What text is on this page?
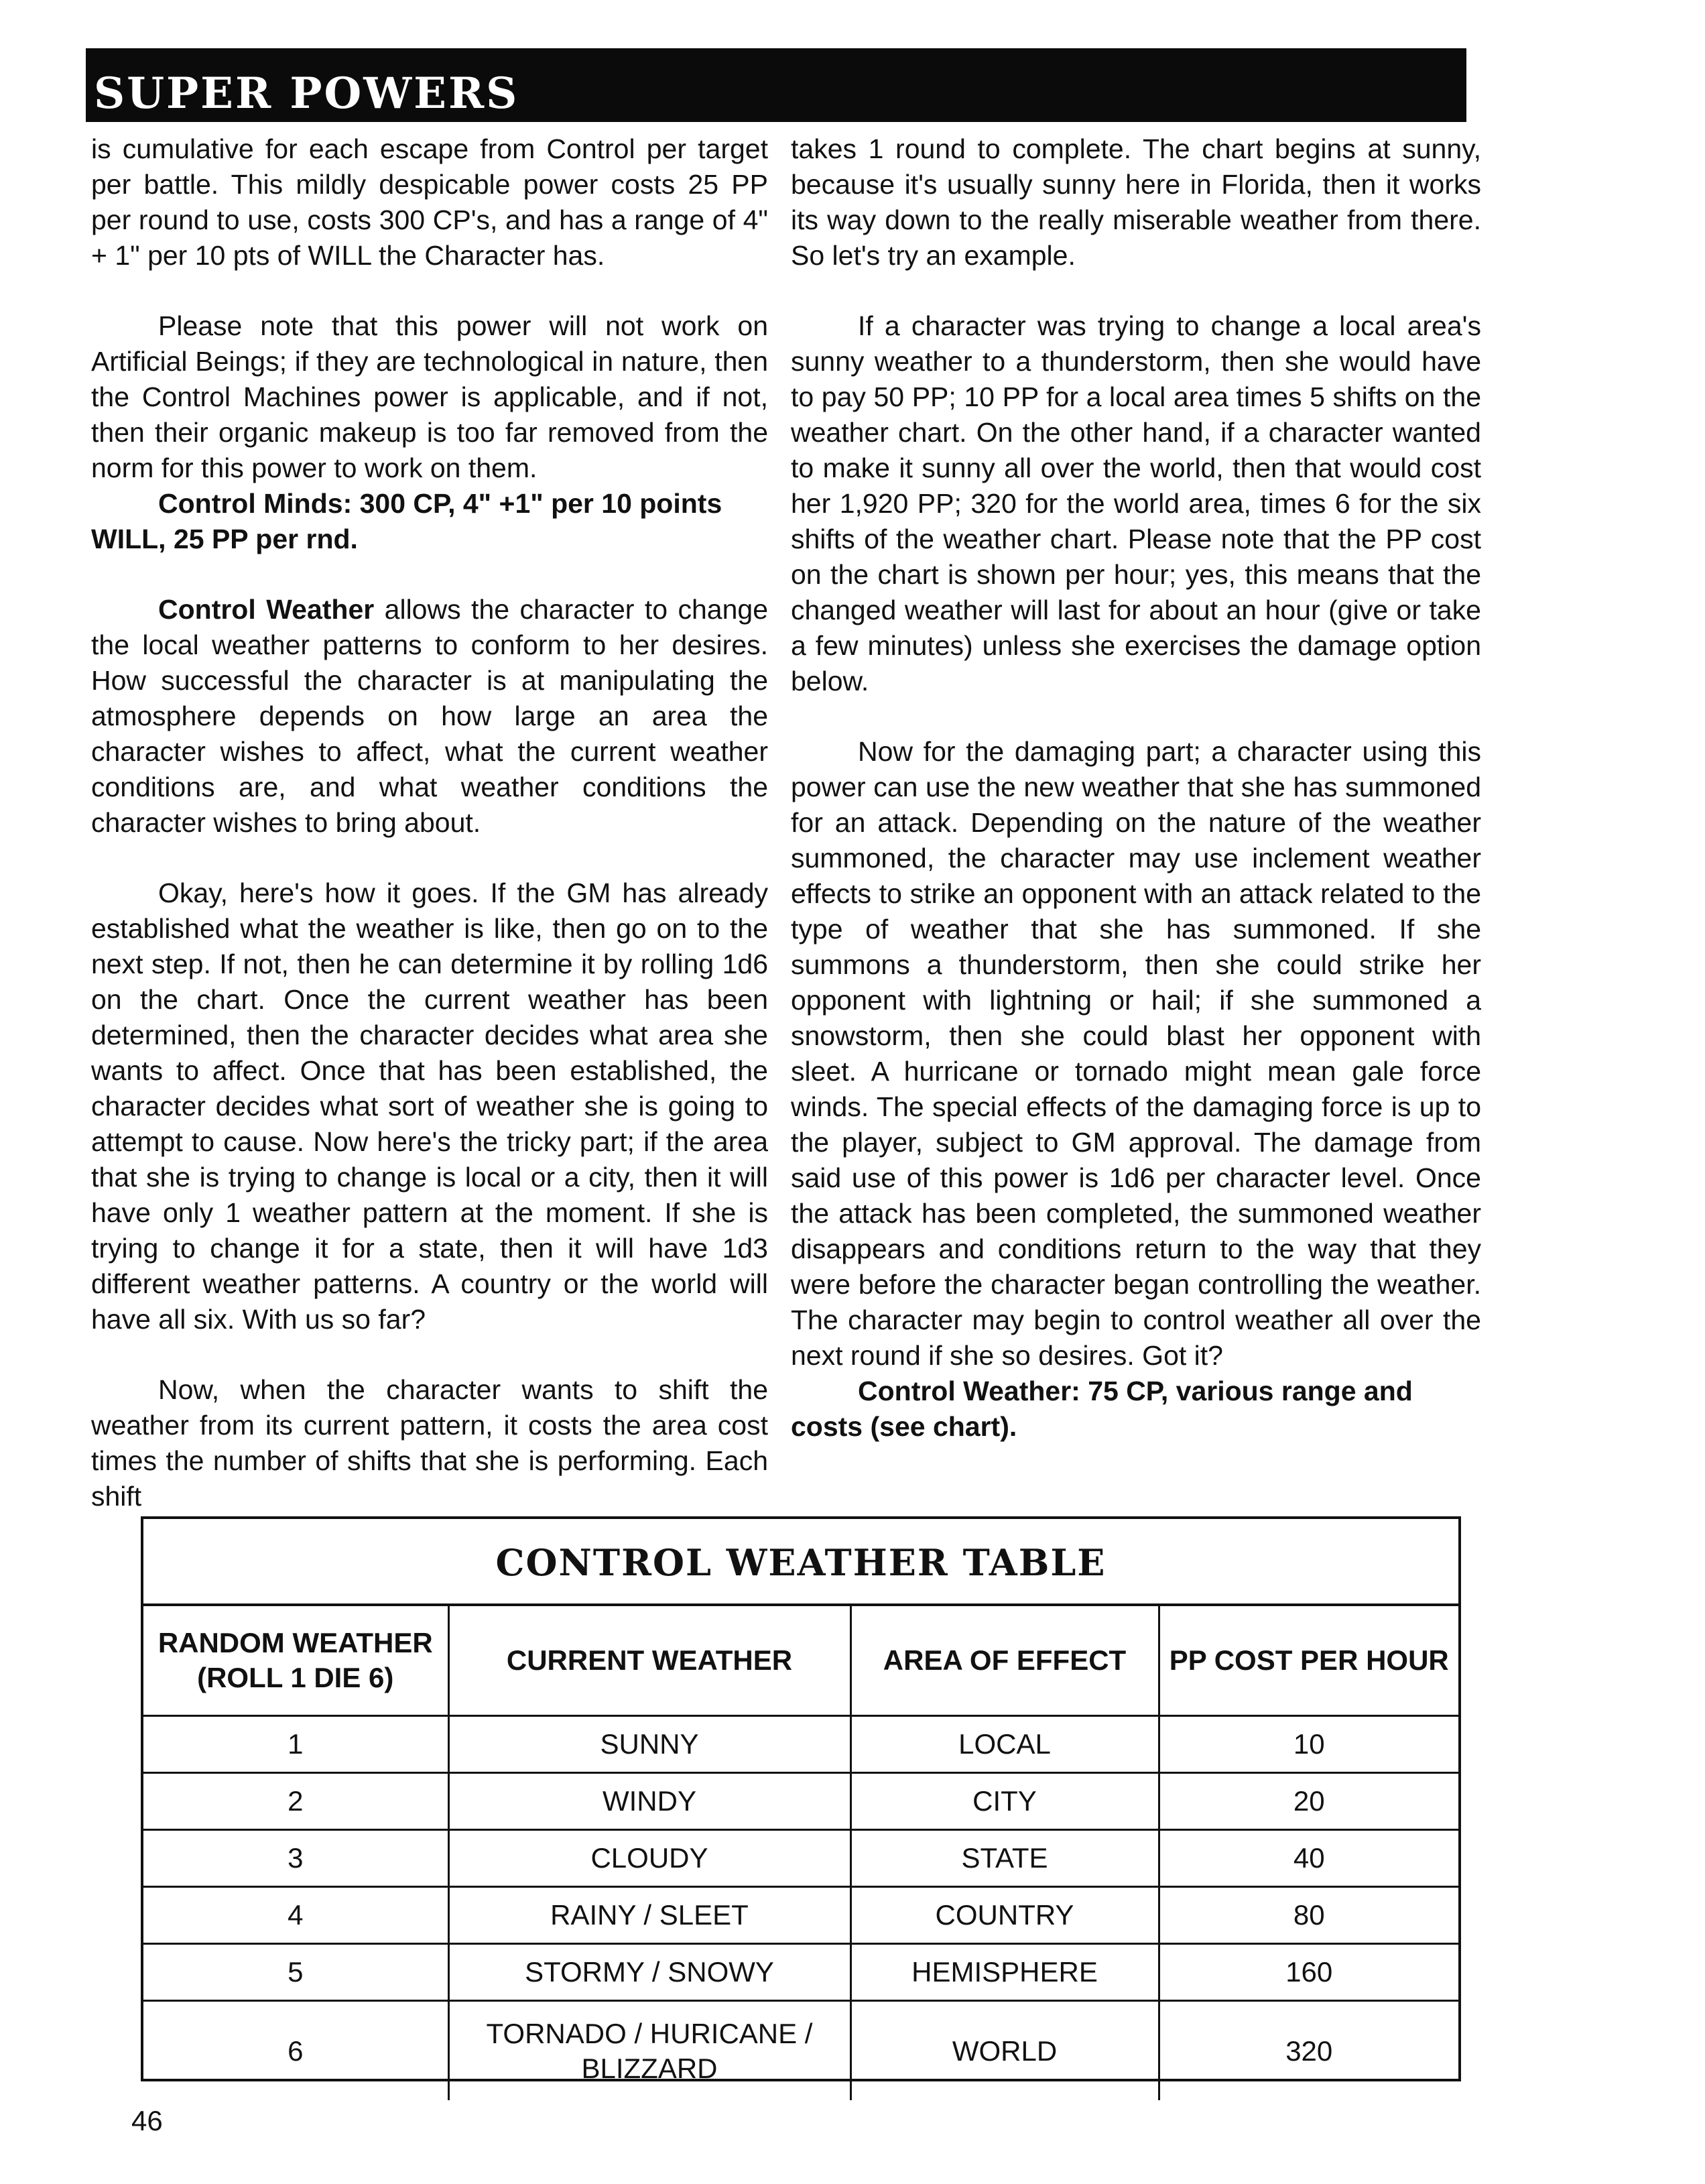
SUPER POWERS

is cumulative for each escape from Control per target per battle. This mildly despicable power costs 25 PP per round to use, costs 300 CP's, and has a range of 4" + 1" per 10 pts of WILL the Character has.

Please note that this power will not work on Artificial Beings; if they are technological in nature, then the Control Machines power is applicable, and if not, then their organic makeup is too far removed from the norm for this power to work on them.

Control Minds: 300 CP, 4" +1" per 10 points WILL, 25 PP per rnd.

Control Weather allows the character to change the local weather patterns to conform to her desires. How successful the character is at manipulating the atmosphere depends on how large an area the character wishes to affect, what the current weather conditions are, and what weather conditions the character wishes to bring about.

Okay, here's how it goes. If the GM has already established what the weather is like, then go on to the next step. If not, then he can determine it by rolling 1d6 on the chart. Once the current weather has been determined, then the character decides what area she wants to affect. Once that has been established, the character decides what sort of weather she is going to attempt to cause. Now here's the tricky part; if the area that she is trying to change is local or a city, then it will have only 1 weather pattern at the moment. If she is trying to change it for a state, then it will have 1d3 different weather patterns. A country or the world will have all six. With us so far?

Now, when the character wants to shift the weather from its current pattern, it costs the area cost times the number of shifts that she is performing. Each shift

takes 1 round to complete. The chart begins at sunny, because it's usually sunny here in Florida, then it works its way down to the really miserable weather from there. So let's try an example.

If a character was trying to change a local area's sunny weather to a thunderstorm, then she would have to pay 50 PP; 10 PP for a local area times 5 shifts on the weather chart. On the other hand, if a character wanted to make it sunny all over the world, then that would cost her 1,920 PP; 320 for the world area, times 6 for the six shifts of the weather chart. Please note that the PP cost on the chart is shown per hour; yes, this means that the changed weather will last for about an hour (give or take a few minutes) unless she exercises the damage option below.

Now for the damaging part; a character using this power can use the new weather that she has summoned for an attack. Depending on the nature of the weather summoned, the character may use inclement weather effects to strike an opponent with an attack related to the type of weather that she has summoned. If she summons a thunderstorm, then she could strike her opponent with lightning or hail; if she summoned a snowstorm, then she could blast her opponent with sleet. A hurricane or tornado might mean gale force winds. The special effects of the damaging force is up to the player, subject to GM approval. The damage from said use of this power is 1d6 per character level. Once the attack has been completed, the summoned weather disappears and conditions return to the way that they were before the character began controlling the weather. The character may begin to control weather all over the next round if she so desires. Got it?

Control Weather: 75 CP, various range and costs (see chart).

CONTROL WEATHER TABLE
RANDOM WEATHER (ROLL 1 DIE 6)	CURRENT WEATHER	AREA OF EFFECT	PP COST PER HOUR
1	SUNNY	LOCAL	10
2	WINDY	CITY	20
3	CLOUDY	STATE	40
4	RAINY / SLEET	COUNTRY	80
5	STORMY / SNOWY	HEMISPHERE	160
6	TORNADO / HURICANE / BLIZZARD	WORLD	320
46
